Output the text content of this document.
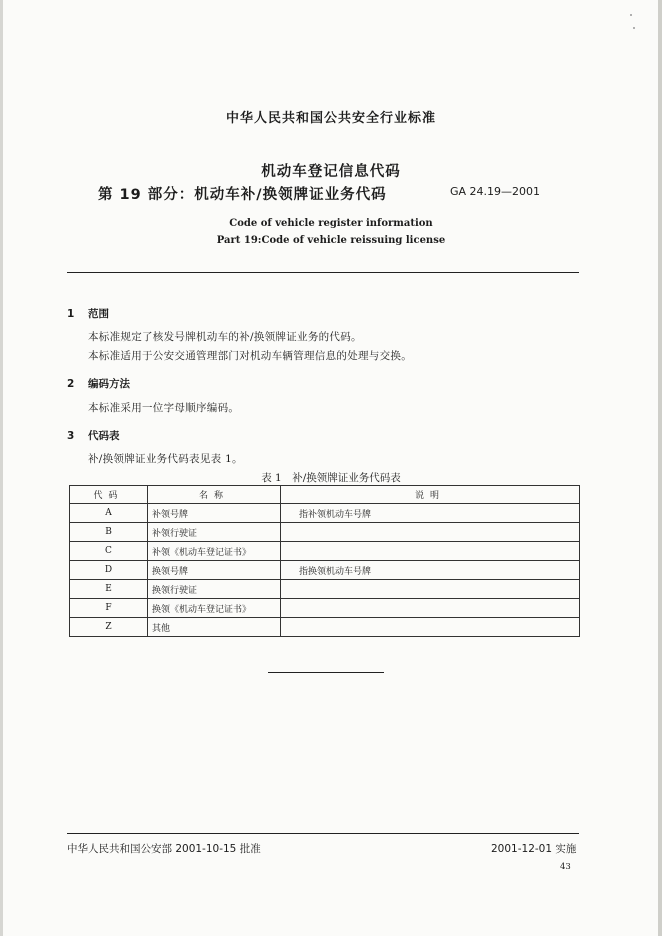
中华人民共和国公共安全行业标准
机动车登记信息代码
第 19 部分：机动车补/换领牌证业务代码	GA 24.19—2001
Code of vehicle register information
Part 19:Code of vehicle reissuing license
1 范围
本标准规定了核发号牌机动车的补/换领牌证业务的代码。
本标准适用于公安交通管理部门对机动车辆管理信息的处理与交换。
2 编码方法
本标准采用一位字母顺序编码。
3 代码表
补/换领牌证业务代码表见表 1。
表 1　补/换领牌证业务代码表
代码	名称	说明
A	补领号牌	指补领机动车号牌
B	补领行驶证	
C	补领《机动车登记证书》	
D	换领号牌	指换领机动车号牌
E	换领行驶证	
F	换领《机动车登记证书》	
Z	其他	
中华人民共和国公安部 2001-10-15 批准	2001-12-01 实施
43
